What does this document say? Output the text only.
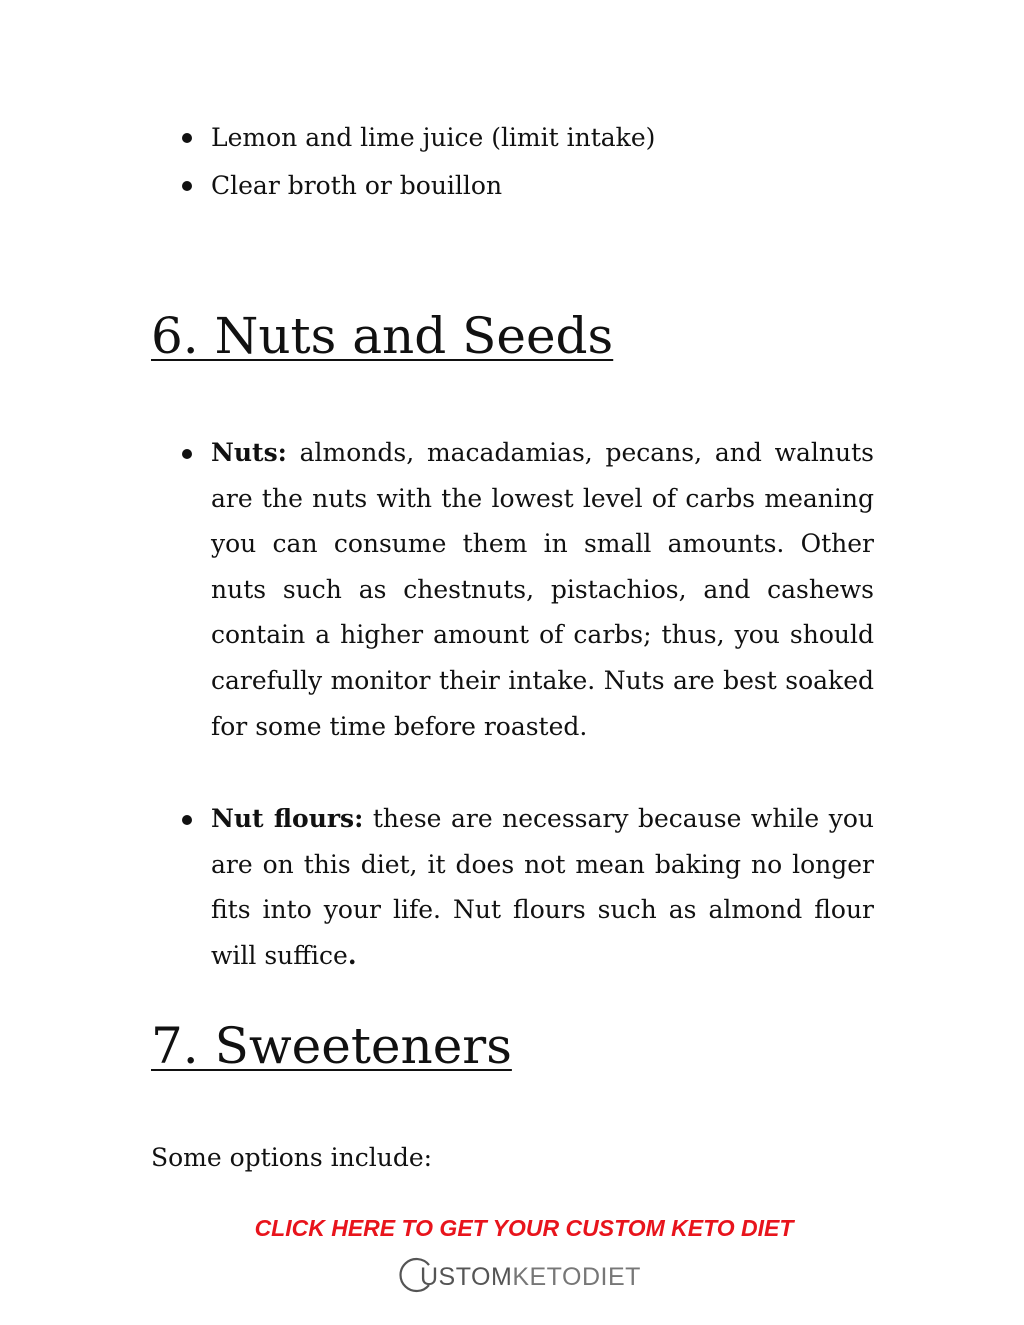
Lemon and lime juice (limit intake)
Clear broth or bouillon
6. Nuts and Seeds
Nuts: almonds, macadamias, pecans, and walnuts are the nuts with the lowest level of carbs meaning you can consume them in small amounts. Other nuts such as chestnuts, pistachios, and cashews contain a higher amount of carbs; thus, you should carefully monitor their intake. Nuts are best soaked for some time before roasted.
Nut flours: these are necessary because while you are on this diet, it does not mean baking no longer fits into your life. Nut flours such as almond flour will suffice.
7. Sweeteners

Some options include:

CLICK HERE TO GET YOUR CUSTOM KETO DIET
USTOMKETODIET
